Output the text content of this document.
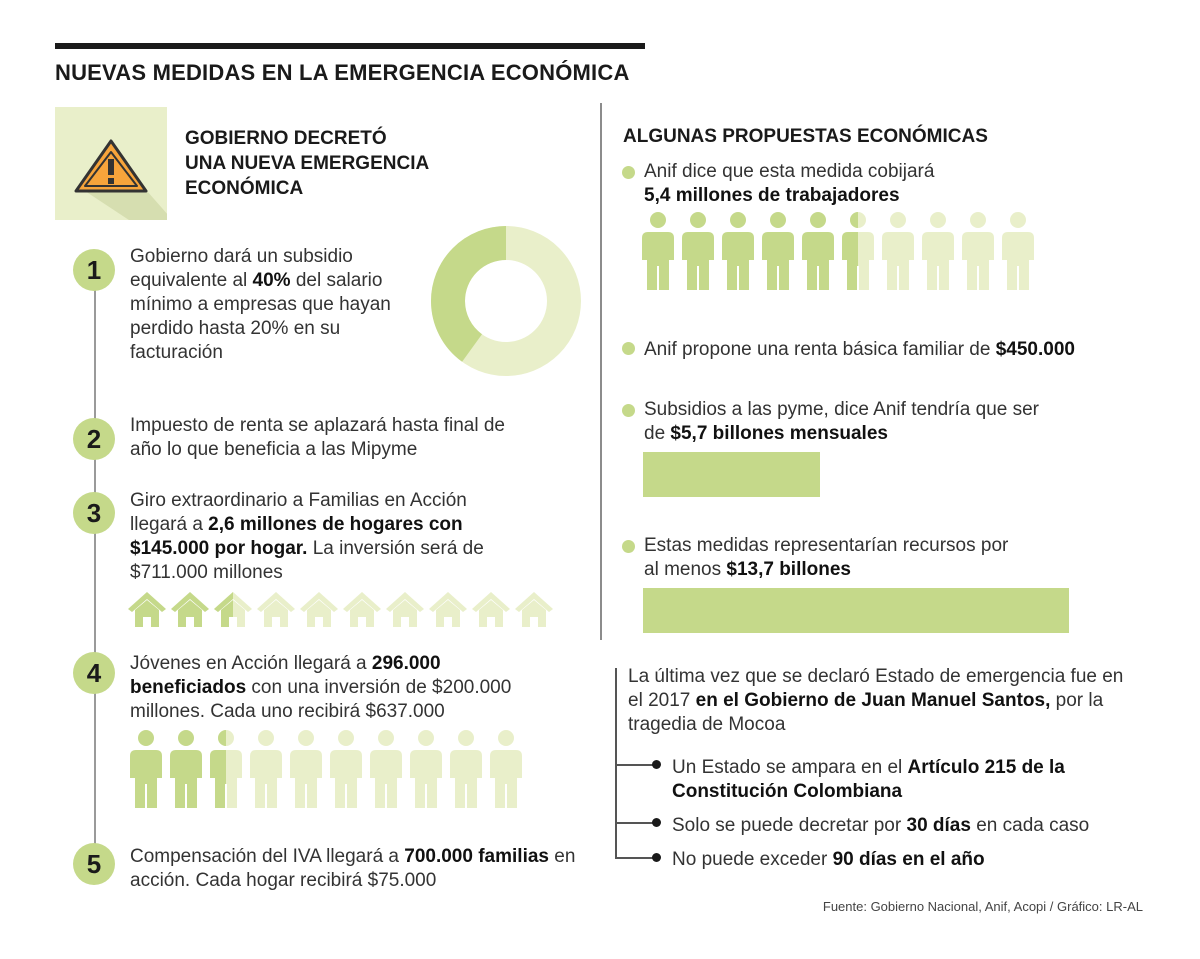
NUEVAS MEDIDAS EN LA EMERGENCIA ECONÓMICA
GOBIERNO DECRETÓ
UNA NUEVA EMERGENCIA
ECONÓMICA
1	Gobierno dará un subsidio equivalente al 40% del salario mínimo a empresas que hayan perdido hasta 20% en su facturación
2	Impuesto de renta se aplazará hasta final de año lo que beneficia a las Mipyme
3	Giro extraordinario a Familias en Acción llegará a 2,6 millones de hogares con $145.000 por hogar. La inversión será de $711.000 millones
4	Jóvenes en Acción llegará a 296.000 beneficiados con una inversión de $200.000 millones. Cada uno recibirá $637.000
5	Compensación del IVA llegará a 700.000 familias en acción. Cada hogar recibirá $75.000
ALGUNAS PROPUESTAS ECONÓMICAS
Anif dice que esta medida cobijará
5,4 millones de trabajadores
Anif propone una renta básica familiar de $450.000
Subsidios a las pyme, dice Anif tendría que ser
de $5,7 billones mensuales
Estas medidas representarían recursos por
al menos $13,7 billones
La última vez que se declaró Estado de emergencia fue en el 2017 en el Gobierno de Juan Manuel Santos, por la tragedia de Mocoa
Un Estado se ampara en el Artículo 215 de la Constitución Colombiana
Solo se puede decretar por 30 días en cada caso
No puede exceder 90 días en el año
Fuente: Gobierno Nacional, Anif, Acopi / Gráfico: LR-AL
